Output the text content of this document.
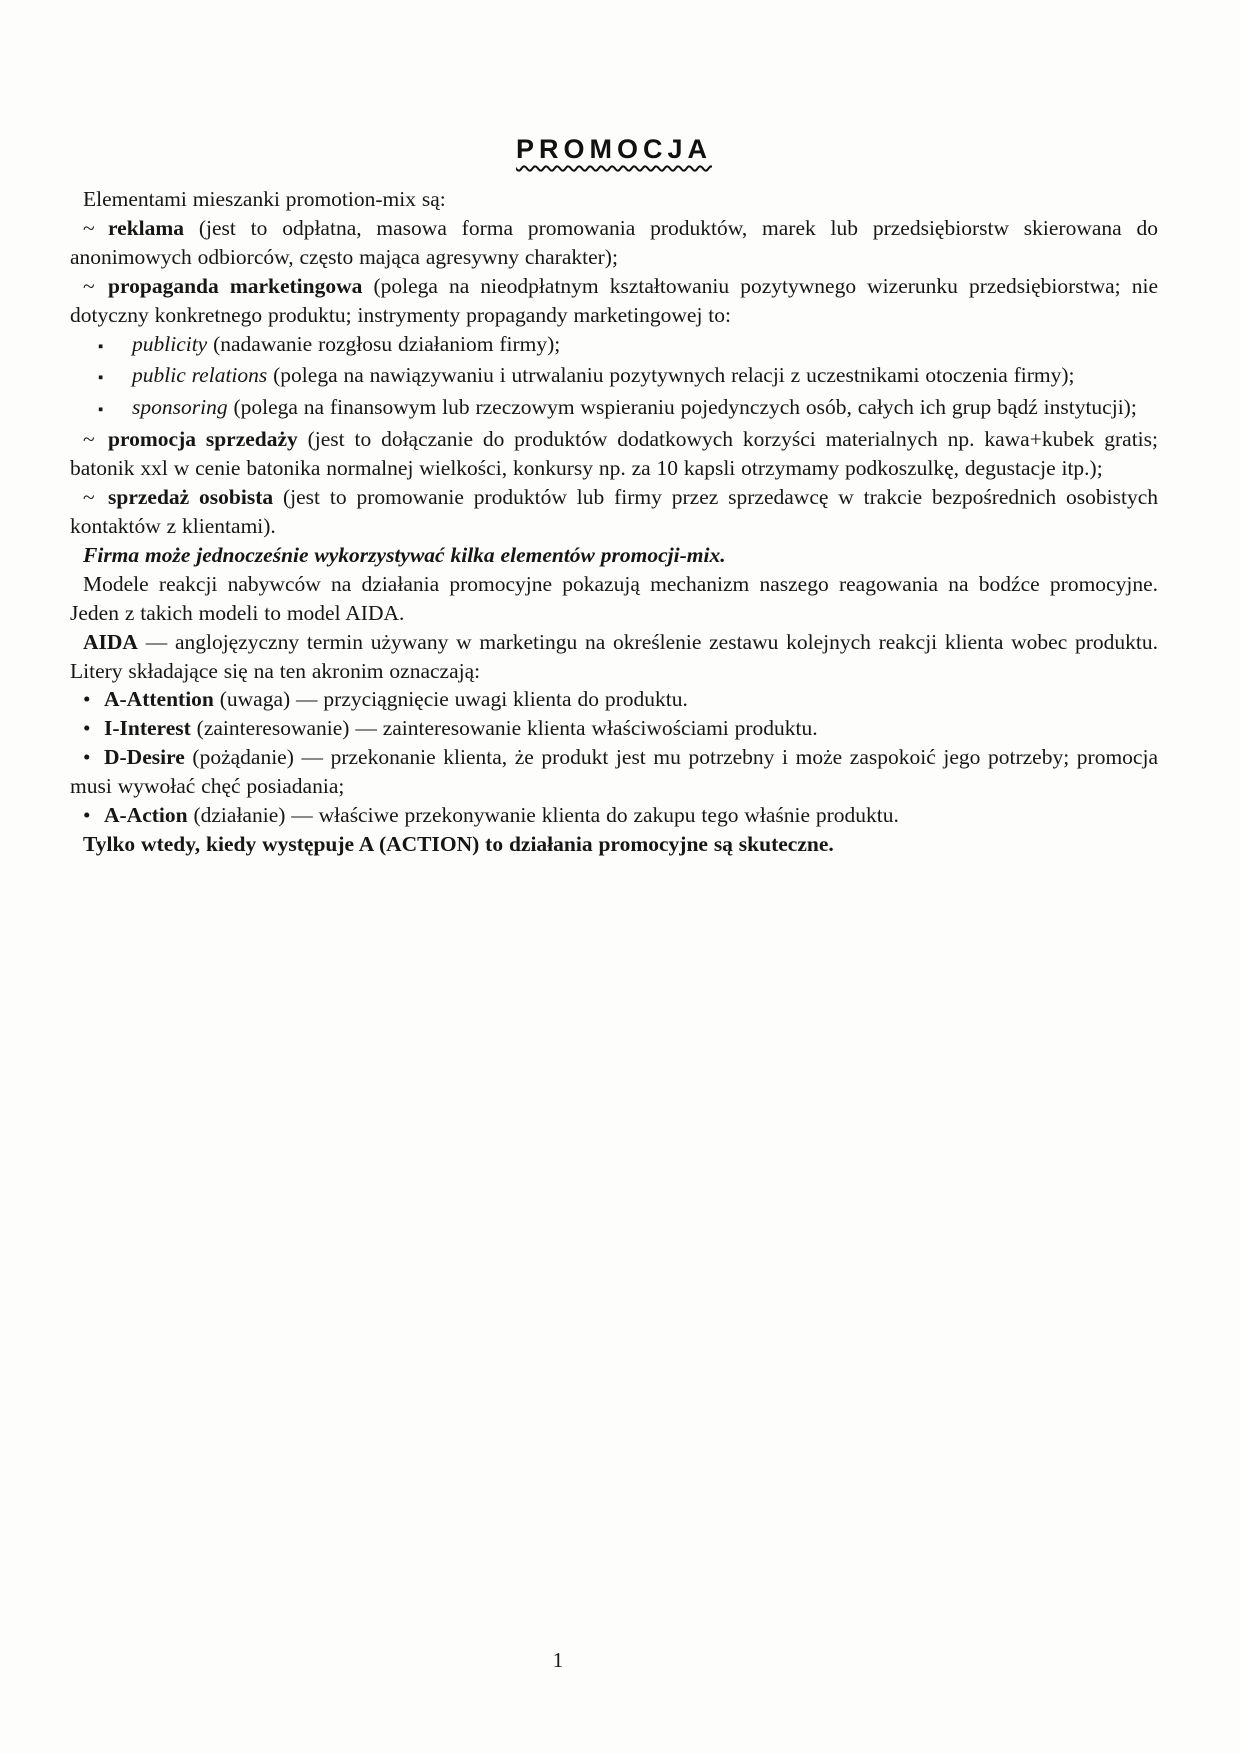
PROMOCJA

Elementami mieszanki promotion-mix są:

~ reklama (jest to odpłatna, masowa forma promowania produktów, marek lub przedsiębiorstw skierowana do anonimowych odbiorców, często mająca agresywny charakter);

~ propaganda marketingowa (polega na nieodpłatnym kształtowaniu pozytywnego wizerunku przedsiębiorstwa; nie dotyczny konkretnego produktu; instrymenty propagandy marketingowej to:

▪ publicity (nadawanie rozgłosu działaniom firmy);

▪ public relations (polega na nawiązywaniu i utrwalaniu pozytywnych relacji z uczestnikami otoczenia firmy);

▪ sponsoring (polega na finansowym lub rzeczowym wspieraniu pojedynczych osób, całych ich grup bądź instytucji);

~ promocja sprzedaży (jest to dołączanie do produktów dodatkowych korzyści materialnych np. kawa+kubek gratis; batonik xxl w cenie batonika normalnej wielkości, konkursy np. za 10 kapsli otrzymamy podkoszulkę, degustacje itp.);

~ sprzedaż osobista (jest to promowanie produktów lub firmy przez sprzedawcę w trakcie bezpośrednich osobistych kontaktów z klientami).

Firma może jednocześnie wykorzystywać kilka elementów promocji-mix.

Modele reakcji nabywców na działania promocyjne pokazują mechanizm naszego reagowania na bodźce promocyjne. Jeden z takich modeli to model AIDA.

AIDA — anglojęzyczny termin używany w marketingu na określenie zestawu kolejnych reakcji klienta wobec produktu. Litery składające się na ten akronim oznaczają:

• A-Attention (uwaga) — przyciągnięcie uwagi klienta do produktu.

• I-Interest (zainteresowanie) — zainteresowanie klienta właściwościami produktu.

• D-Desire (pożądanie) — przekonanie klienta, że produkt jest mu potrzebny i może zaspokoić jego potrzeby; promocja musi wywołać chęć posiadania;

• A-Action (działanie) — właściwe przekonywanie klienta do zakupu tego właśnie produktu.

Tylko wtedy, kiedy występuje A (ACTION) to działania promocyjne są skuteczne.

1
